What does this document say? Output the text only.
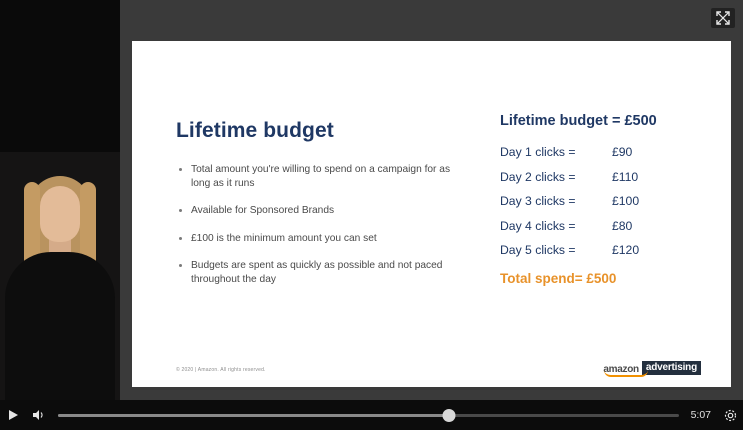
Lifetime budget
Total amount you're willing to spend on a campaign for as long as it runs
Available for Sponsored Brands
£100 is the minimum amount you can set
Budgets are spent as quickly as possible and not paced throughout the day
Lifetime budget = £500
Day 1 clicks =	£90
Day 2 clicks =	£110
Day 3 clicks =	£100
Day 4 clicks =	£80
Day 5 clicks =	£120
Total spend= £500
© 2020 | Amazon. All rights reserved.	amazon advertising
5:07
